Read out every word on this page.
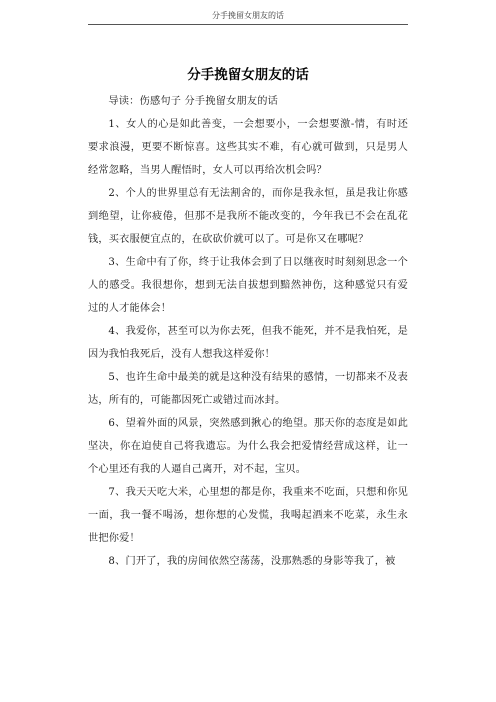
分手挽留女朋友的话
分手挽留女朋友的话

导读：伤感句子 分手挽留女朋友的话

1、女人的心是如此善变，一会想要小，一会想要激-情，有时还要求浪漫，更要不断惊喜。这些其实不难，有心就可做到，只是男人经常忽略，当男人醒悟时，女人可以再给次机会吗？

2、个人的世界里总有无法割舍的，而你是我永恒，虽是我让你感到绝望，让你疲倦，但那不是我所不能改变的，今年我已不会在乱花钱，买衣服便宜点的，在砍砍价就可以了。可是你又在哪呢？

3、生命中有了你，终于让我体会到了日以继夜时时刻刻思念一个人的感受。我很想你，想到无法自拔想到黯然神伤，这种感觉只有爱过的人才能体会！

4、我爱你，甚至可以为你去死，但我不能死，并不是我怕死，是因为我怕我死后，没有人想我这样爱你！

5、也许生命中最美的就是这种没有结果的感情，一切都来不及表达，所有的，可能都因死亡或错过而冰封。

6、望着外面的风景，突然感到揪心的绝望。那天你的态度是如此坚决，你在迫使自己将我遗忘。为什么我会把爱情经营成这样，让一个心里还有我的人逼自己离开，对不起，宝贝。

7、我天天吃大米，心里想的都是你，我重来不吃面，只想和你见一面，我一餐不喝汤，想你想的心发慌，我喝起酒来不吃菜，永生永世把你爱！

8、门开了，我的房间依然空荡荡，没那熟悉的身影等我了，被
